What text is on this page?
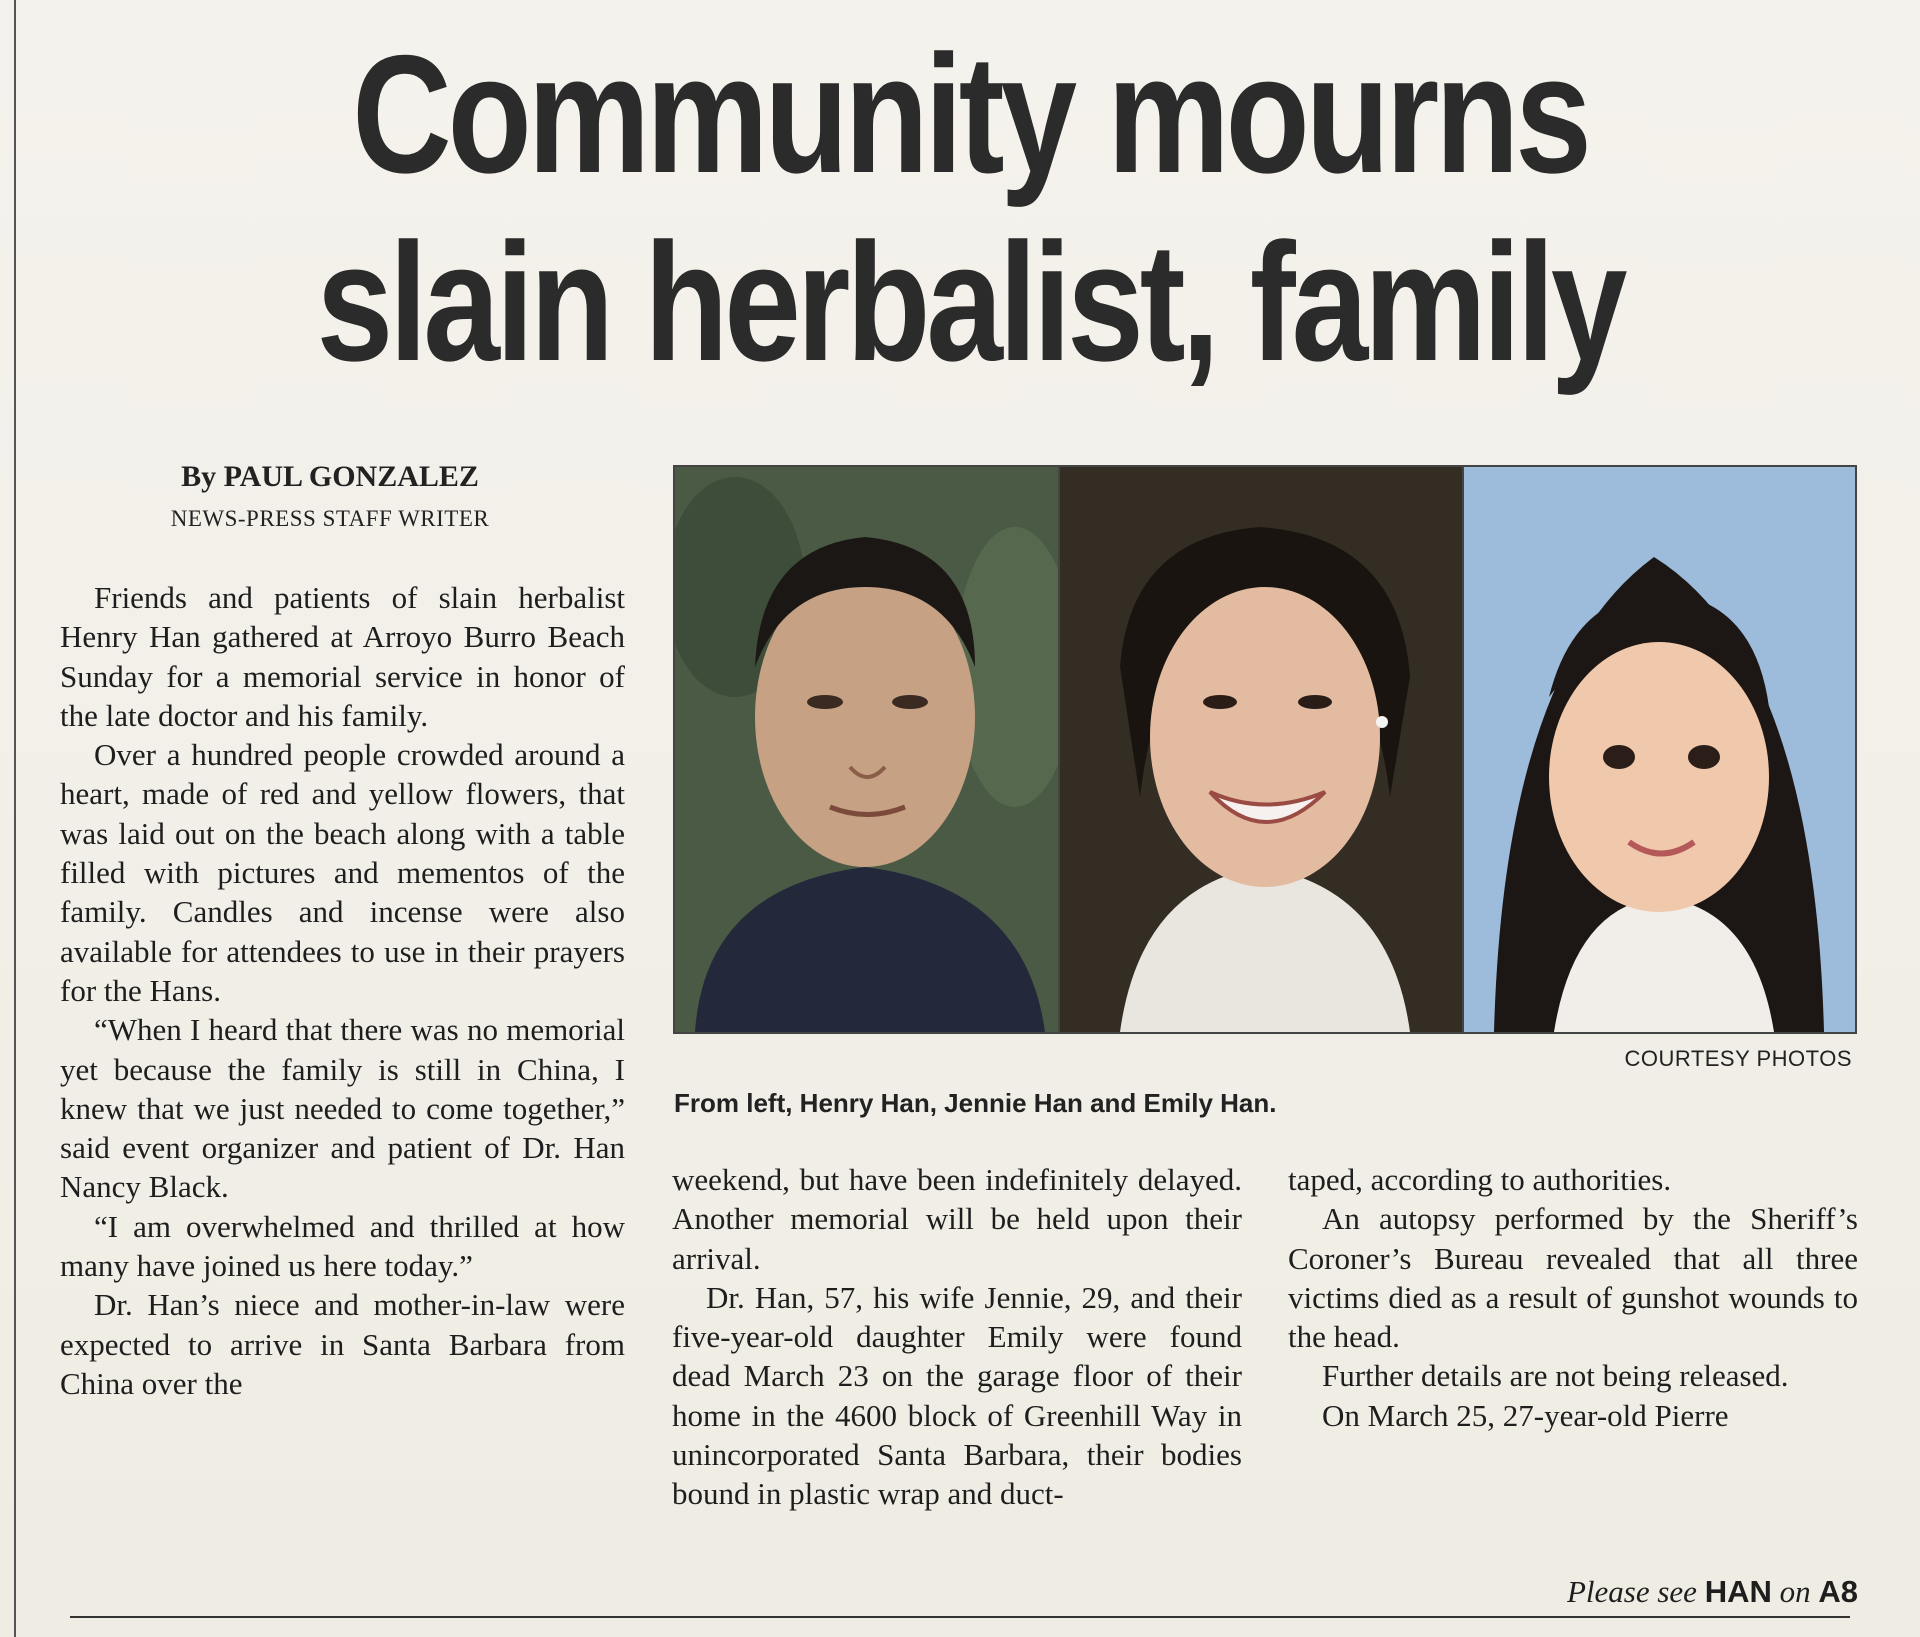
Community mourns
slain herbalist, family
By PAUL GONZALEZ
NEWS-PRESS STAFF WRITER

Friends and patients of slain herbalist Henry Han gathered at Arroyo Burro Beach Sunday for a memorial service in honor of the late doctor and his family.

Over a hundred people crowded around a heart, made of red and yellow flowers, that was laid out on the beach along with a table filled with pictures and mementos of the family. Candles and incense were also available for attendees to use in their prayers for the Hans.

“When I heard that there was no memorial yet because the family is still in China, I knew that we just needed to come together,” said event organizer and patient of Dr. Han Nancy Black.

“I am overwhelmed and thrilled at how many have joined us here today.”

Dr. Han’s niece and mother-in-law were expected to arrive in Santa Barbara from China over the

COURTESY PHOTOS
From left, Henry Han, Jennie Han and Emily Han.

weekend, but have been indefinitely delayed. Another memorial will be held upon their arrival.

Dr. Han, 57, his wife Jennie, 29, and their five-year-old daughter Emily were found dead March 23 on the garage floor of their home in the 4600 block of Greenhill Way in unincorporated Santa Barbara, their bodies bound in plastic wrap and duct-

taped, according to authorities.

An autopsy performed by the Sheriff’s Coroner’s Bureau revealed that all three victims died as a result of gunshot wounds to the head.

Further details are not being released.

On March 25, 27-year-old Pierre

Please see HAN on A8
